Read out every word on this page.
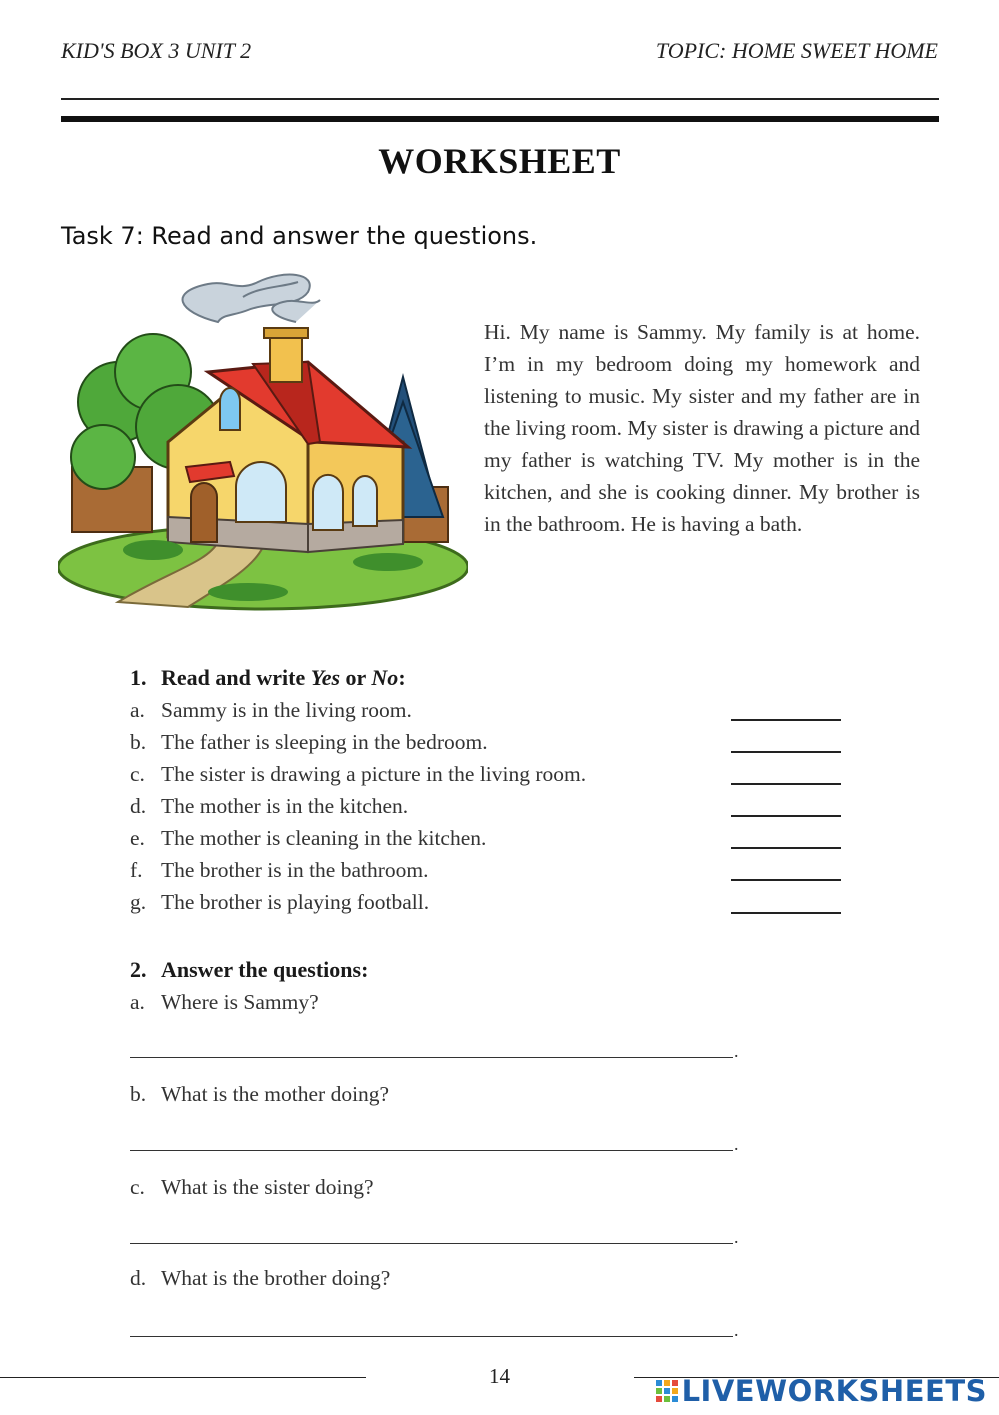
KID'S BOX 3 UNIT 2	TOPIC: HOME SWEET HOME
WORKSHEET
Task 7: Read and answer the questions.
Hi. My name is Sammy. My family is at home. I’m in my bedroom doing my homework and listening to music. My sister and my father are in the living room. My sister is drawing a picture and my father is watching TV. My mother is in the kitchen, and she is cooking dinner. My brother is in the bathroom. He is having a bath.
1. Read and write Yes or No:
a. Sammy is in the living room.
b. The father is sleeping in the bedroom.
c. The sister is drawing a picture in the living room.
d. The mother is in the kitchen.
e. The mother is cleaning in the kitchen.
f. The brother is in the bathroom.
g. The brother is playing football.
2. Answer the questions:
a. Where is Sammy?
.
b. What is the mother doing?
.
c. What is the sister doing?
.
d. What is the brother doing?
.
14	LIVEWORKSHEETS
